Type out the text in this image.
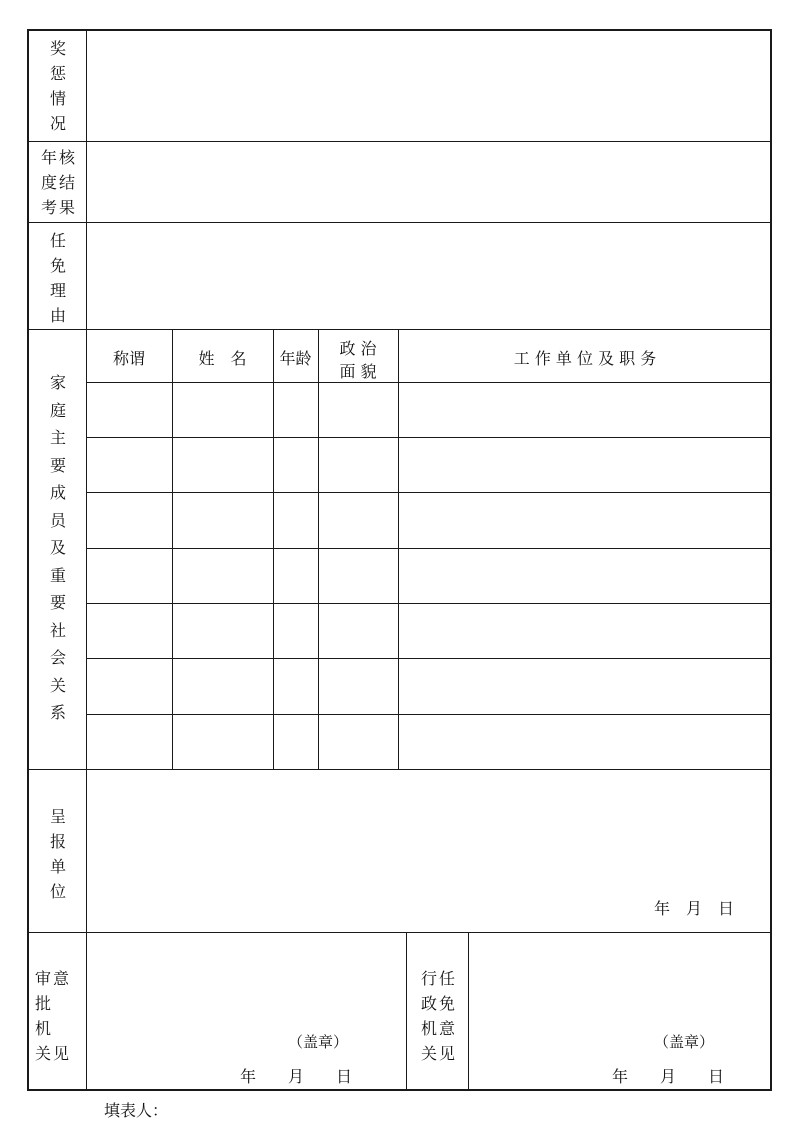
奖
惩
情
况
年 核
度 结
考 果
任
免
理
由
家
庭
主
要
成
员
及
重
要
社
会
关
系
称谓	姓　名	年龄
政 治
面 貌
工 作 单 位 及 职 务
呈
报
单
位
年　月　日
审 意
批
机
关 见
（盖章）
年　　月　　日
行 任
政 免
机 意
关 见
（盖章）
年　　月　　日
填表人：
